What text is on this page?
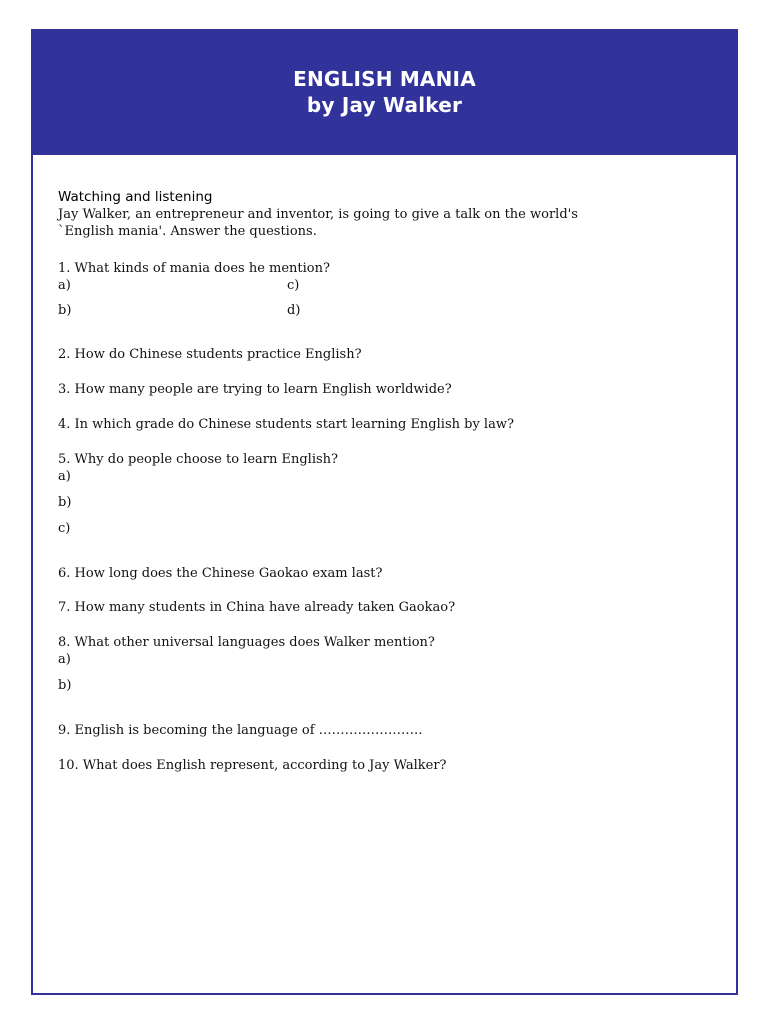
ENGLISH MANIA
by Jay Walker
Watching and listening
Jay Walker, an entrepreneur and inventor, is going to give a talk on the world's
`English mania'. Answer the questions.
1. What kinds of mania does he mention?
a)	c)
b)	d)
2. How do Chinese students practice English?
3. How many people are trying to learn English worldwide?
4. In which grade do Chinese students start learning English by law?
5. Why do people choose to learn English?
a)
b)
c)
6. How long does the Chinese Gaokao exam last?
7. How many students in China have already taken Gaokao?
8. What other universal languages does Walker mention?
a)
b)
9. English is becoming the language of ……………………
10. What does English represent, according to Jay Walker?
